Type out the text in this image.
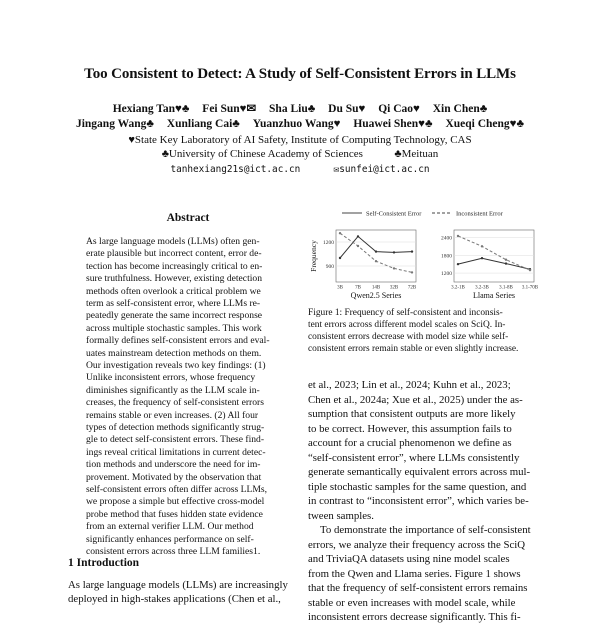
Too Consistent to Detect: A Study of Self-Consistent Errors in LLMs
Hexiang Tan♥♣ Fei Sun♥✉ Sha Liu♣ Du Su♥ Qi Cao♥ Xin Chen♣
Jingang Wang♣ Xunliang Cai♣ Yuanzhuo Wang♥ Huawei Shen♥♣ Xueqi Cheng♥♣
♥State Key Laboratory of AI Safety, Institute of Computing Technology, CAS
♣University of Chinese Academy of Sciences	♣Meituan
tanhexiang21s@ict.ac.cn	✉sunfei@ict.ac.cn
Abstract
As large language models (LLMs) often gen-
erate plausible but incorrect content, error de-
tection has become increasingly critical to en-
sure truthfulness. However, existing detection
methods often overlook a critical problem we
term as self-consistent error, where LLMs re-
peatedly generate the same incorrect response
across multiple stochastic samples. This work
formally defines self-consistent errors and eval-
uates mainstream detection methods on them.
Our investigation reveals two key findings: (1)
Unlike inconsistent errors, whose frequency
diminishes significantly as the LLM scale in-
creases, the frequency of self-consistent errors
remains stable or even increases. (2) All four
types of detection methods significantly strug-
gle to detect self-consistent errors. These find-
ings reveal critical limitations in current detec-
tion methods and underscore the need for im-
provement. Motivated by the observation that
self-consistent errors often differ across LLMs,
we propose a simple but effective cross-model
probe method that fuses hidden state evidence
from an external verifier LLM. Our method
significantly enhances performance on self-
consistent errors across three LLM families1.
1 Introduction
As large language models (LLMs) are increasingly
deployed in high-stakes applications (Chen et al.,
Self-Consistent Error	Inconsistent Error
900
1200
3B 7B 14B 32B 72B
Qwen2.5 Series
Frequency
1200
1800
2400
3.2-1B 3.2-3B 3.1-8B 3.1-70B
Llama Series
Figure 1: Frequency of self-consistent and inconsis-
tent errors across different model scales on SciQ. In-
consistent errors decrease with model size while self-
consistent errors remain stable or even slightly increase.
et al., 2023; Lin et al., 2024; Kuhn et al., 2023;
Chen et al., 2024a; Xue et al., 2025) under the as-
sumption that consistent outputs are more likely
to be correct. However, this assumption fails to
account for a crucial phenomenon we define as
“self-consistent error”, where LLMs consistently
generate semantically equivalent errors across mul-
tiple stochastic samples for the same question, and
in contrast to “inconsistent error”, which varies be-
tween samples.
To demonstrate the importance of self-consistent
errors, we analyze their frequency across the SciQ
and TriviaQA datasets using nine model scales
from the Qwen and Llama series. Figure 1 shows
that the frequency of self-consistent errors remains
stable or even increases with model scale, while
inconsistent errors decrease significantly. This fi-
